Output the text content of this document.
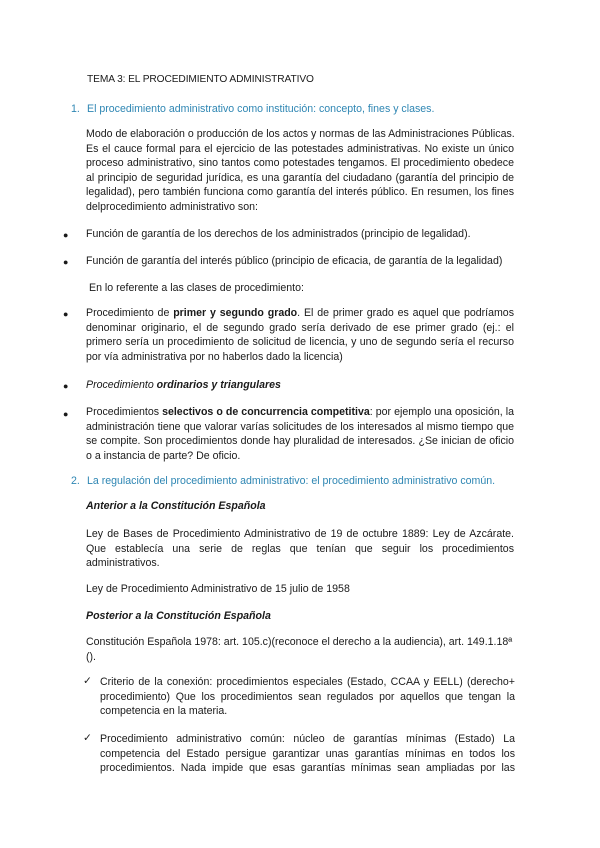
TEMA 3: EL PROCEDIMIENTO ADMINISTRATIVO
1. El procedimiento administrativo como institución: concepto, fines y clases.
Modo de elaboración o producción de los actos y normas de las Administraciones Públicas.
Es el cauce formal para el ejercicio de las potestades administrativas. No existe un único
proceso administrativo, sino tantos como potestades tengamos. El procedimiento obedece
al principio de seguridad jurídica, es una garantía del ciudadano (garantía del principio de
legalidad), pero también funciona como garantía del interés público. En resumen, los fines
delprocedimiento administrativo son:
● Función de garantía de los derechos de los administrados (principio de legalidad).
● Función de garantía del interés público (principio de eficacia, de garantía de la legalidad)
En lo referente a las clases de procedimiento:
● Procedimiento de primer y segundo grado. El de primer grado es aquel que podríamos
denominar originario, el de segundo grado sería derivado de ese primer grado (ej.: el
primero sería un procedimiento de solicitud de licencia, y uno de segundo sería el recurso
por vía administrativa por no haberlos dado la licencia)
● Procedimiento ordinarios y triangulares
● Procedimientos selectivos o de concurrencia competitiva: por ejemplo una oposición, la
administración tiene que valorar varías solicitudes de los interesados al mismo tiempo que
se compite. Son procedimientos donde hay pluralidad de interesados. ¿Se inician de oficio
o a instancia de parte? De oficio.
2. La regulación del procedimiento administrativo: el procedimiento administrativo común.
Anterior a la Constitución Española
Ley de Bases de Procedimiento Administrativo de 19 de octubre 1889: Ley de Azcárate.
Que establecía una serie de reglas que tenían que seguir los procedimientos
administrativos.
Ley de Procedimiento Administrativo de 15 julio de 1958
Posterior a la Constitución Española
Constitución Española 1978: art. 105.c)(reconoce el derecho a la audiencia), art. 149.1.18ª
().
✓ Criterio de la conexión: procedimientos especiales (Estado, CCAA y EELL) (derecho+
procedimiento) Que los procedimientos sean regulados por aquellos que tengan la
competencia en la materia.
✓ Procedimiento administrativo común: núcleo de garantías mínimas (Estado) La
competencia del Estado persigue garantizar unas garantías mínimas en todos los
procedimientos. Nada impide que esas garantías mínimas sean ampliadas por las
